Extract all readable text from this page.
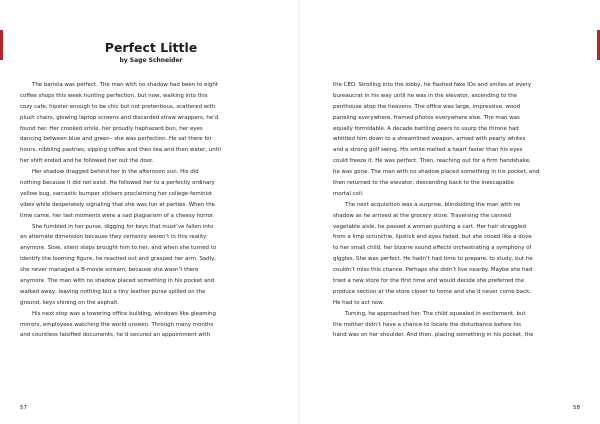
Perfect Little
by Sage Schneider
The barista was perfect. The man with no shadow had been to eight
coffee shops this week hunting perfection, but now, walking into this
cozy cafe, hipster enough to be chic but not pretentious, scattered with
plush chairs, glowing laptop screens and discarded straw wrappers, he’d
found her. Her crooked smile, her proudly haphazard bun, her eyes
dancing between blue and green– she was perfection. He sat there for
hours, nibbling pastries, sipping coffee and then tea and then water, until
her shift ended and he followed her out the door.
Her shadow dragged behind her in the afternoon sun. His did
nothing because it did not exist. He followed her to a perfectly ordinary
yellow bug, sarcastic bumper stickers proclaiming her college-feminist
vibes while desperately signaling that she was fun at parties. When the
time came, her last moments were a sad plagiarism of a cheesy horror.
She fumbled in her purse, digging for keys that must’ve fallen into
an alternate dimension because they certainly weren’t in this reality
anymore. Slow, silent steps brought him to her, and when she turned to
identify the looming figure, he reached out and grasped her arm. Sadly,
she never managed a B-movie scream, because she wasn’t there
anymore. The man with no shadow placed something in his pocket and
walked away, leaving nothing but a tiny leather purse spilled on the
ground, keys shining on the asphalt.
His next stop was a towering office building, windows like gleaming
mirrors, employees watching the world unseen. Through many months
and countless falsified documents, he’d secured an appointment with
57
the CEO. Strolling into the lobby, he flashed fake IDs and smiles at every
bureaucrat in his way until he was in the elevator, ascending to the
penthouse atop the heavens. The office was large, impressive, wood
paneling everywhere, framed photos everywhere else. The man was
equally formidable. A decade battling peers to usurp the throne had
whittled him down to a streamlined weapon, armed with pearly whites
and a strong golf swing. His smile melted a heart faster than his eyes
could freeze it. He was perfect. Then, reaching out for a firm handshake,
he was gone. The man with no shadow placed something in his pocket, and
then returned to the elevator, descending back to the inescapable
mortal coil.
The next acquisition was a surprise, blindsiding the man with no
shadow as he arrived at the grocery store. Traversing the canned
vegetable aisle, he passed a woman pushing a cart. Her hair straggled
from a limp scrunchie, lipstick and eyes faded, but she cooed like a dove
to her small child, her bizarre sound effects orchestrating a symphony of
giggles. She was perfect. He hadn’t had time to prepare, to study, but he
couldn’t miss this chance. Perhaps she didn’t live nearby. Maybe she had
tried a new store for the first time and would decide she preferred the
produce section at the store closer to home and she’d never come back.
He had to act now.
Turning, he approached her. The child squealed in excitement, but
the mother didn’t have a chance to locate the disturbance before his
hand was on her shoulder. And then, placing something in his pocket, the
58
